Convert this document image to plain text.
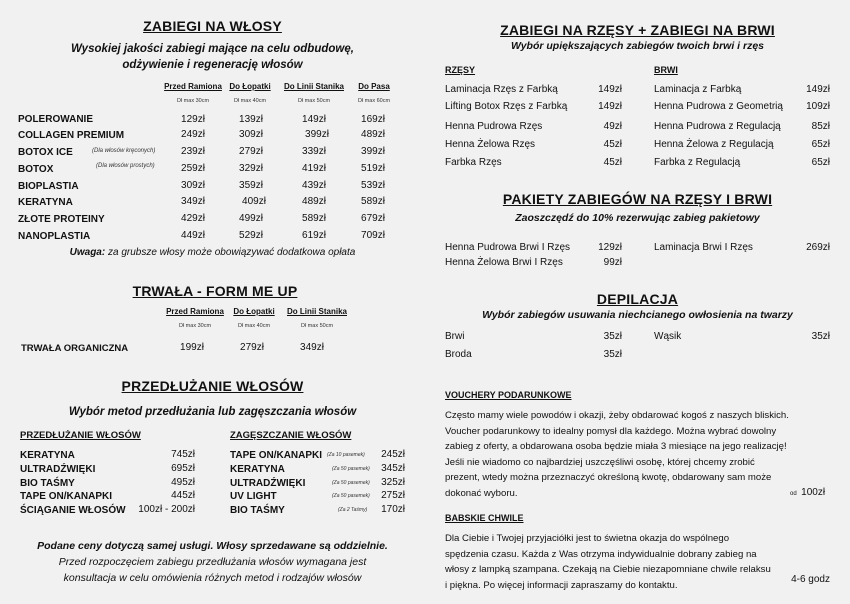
ZABIEGI NA WŁOSY
Wysokiej jakości zabiegi mające na celu odbudowę,
odżywienie i regenerację włosów
Przed Ramiona Do Łopatki	Do Linii Stanika	Do Pasa
Dł max 30cm	Dł max 40cm	Dł max 50cm	Dł max 60cm
POLEROWANIE	129zł	139zł	149zł	169zł
COLLAGEN PREMIUM	249zł	309zł	399zł	489zł
BOTOX ICE	(Dla włosów kręconych)	239zł	279zł	339zł	399zł
BOTOX	(Dla włosów prostych)	259zł	329zł	419zł	519zł
BIOPLASTIA	309zł	359zł	439zł	539zł
KERATYNA	349zł	409zł	489zł	589zł
ZŁOTE PROTEINY	429zł	499zł	589zł	679zł
NANOPLASTIA	449zł	529zł	619zł	709zł
Uwaga: za grubsze włosy może obowiązywać dodatkowa opłata
TRWAŁA - FORM ME UP
Przed Ramiona	Do Łopatki	Do Linii Stanika
Dł max 30cm	Dł max 40cm	Dł max 50cm
TRWAŁA ORGANICZNA	199zł	279zł	349zł
PRZEDŁUŻANIE WŁOSÓW
Wybór metod przedłużania lub zagęszczania włosów
PRZEDŁUŻANIE WŁOSÓW	ZAGĘSZCZANIE WŁOSÓW
KERATYNA	745zł
ULTRADŹWIĘKI	695zł
BIO TAŚMY	495zł
TAPE ON/KANAPKI	445zł
ŚCIĄGANIE WŁOSÓW	100zł - 200zł
TAPE ON/KANAPKI (Za 10 pasemek)	245zł
KERATYNA	(Za 50 pasemek)	345zł
ULTRADŹWIĘKI	(Za 50 pasemek)	325zł
UV LIGHT	(Za 50 pasemek)	275zł
BIO TAŚMY	(Za 2 Taśmy)	170zł
Podane ceny dotyczą samej usługi. Włosy sprzedawane są oddzielnie.
Przed rozpoczęciem zabiegu przedłużania włosów wymagana jest
konsultacja w celu omówienia różnych metod i rodzajów włosów
ZABIEGI NA RZĘSY + ZABIEGI NA BRWI
Wybór upiększających zabiegów twoich brwi i rzęs
RZĘSY	BRWI
Laminacja Rzęs z Farbką	149zł
Lifting Botox Rzęs z Farbką	149zł
Henna Pudrowa Rzęs	49zł
Henna Żelowa Rzęs	45zł
Farbka Rzęs	45zł
Laminacja z Farbką	149zł
Henna Pudrowa z Geometrią	109zł
Henna Pudrowa z Regulacją	85zł
Henna Żelowa z Regulacją	65zł
Farbka z Regulacją	65zł
PAKIETY ZABIEGÓW NA RZĘSY I BRWI
Zaoszczędź do 10% rezerwując zabieg pakietowy
Henna Pudrowa Brwi I Rzęs	129zł
Henna Żelowa Brwi I Rzęs	99zł
Laminacja Brwi I Rzęs	269zł
DEPILACJA
Wybór zabiegów usuwania niechcianego owłosienia na twarzy
Brwi	35zł
Broda	35zł
Wąsik	35zł
VOUCHERY PODARUNKOWE
Często mamy wiele powodów i okazji, żeby obdarować kogoś z naszych bliskich. Voucher podarunkowy to idealny pomysł dla każdego. Można wybrać dowolny zabieg z oferty, a obdarowana osoba będzie miała 3 miesiące na jego realizację! Jeśli nie wiadomo co najbardziej uszczęśliwi osobę, której chcemy zrobić prezent, wtedy można przeznaczyć określoną kwotę, obdarowany sam może dokonać wyboru.	od 100zł
BABSKIE CHWILE
Dla Ciebie i Twojej przyjaciółki jest to świetna okazja do wspólnego spędzenia czasu. Każda z Was otrzyma indywidualnie dobrany zabieg na włosy z lampką szampana. Czekają na Ciebie niezapomniane chwile relaksu i piękna. Po więcej informacji zapraszamy do kontaktu.	4-6 godz
